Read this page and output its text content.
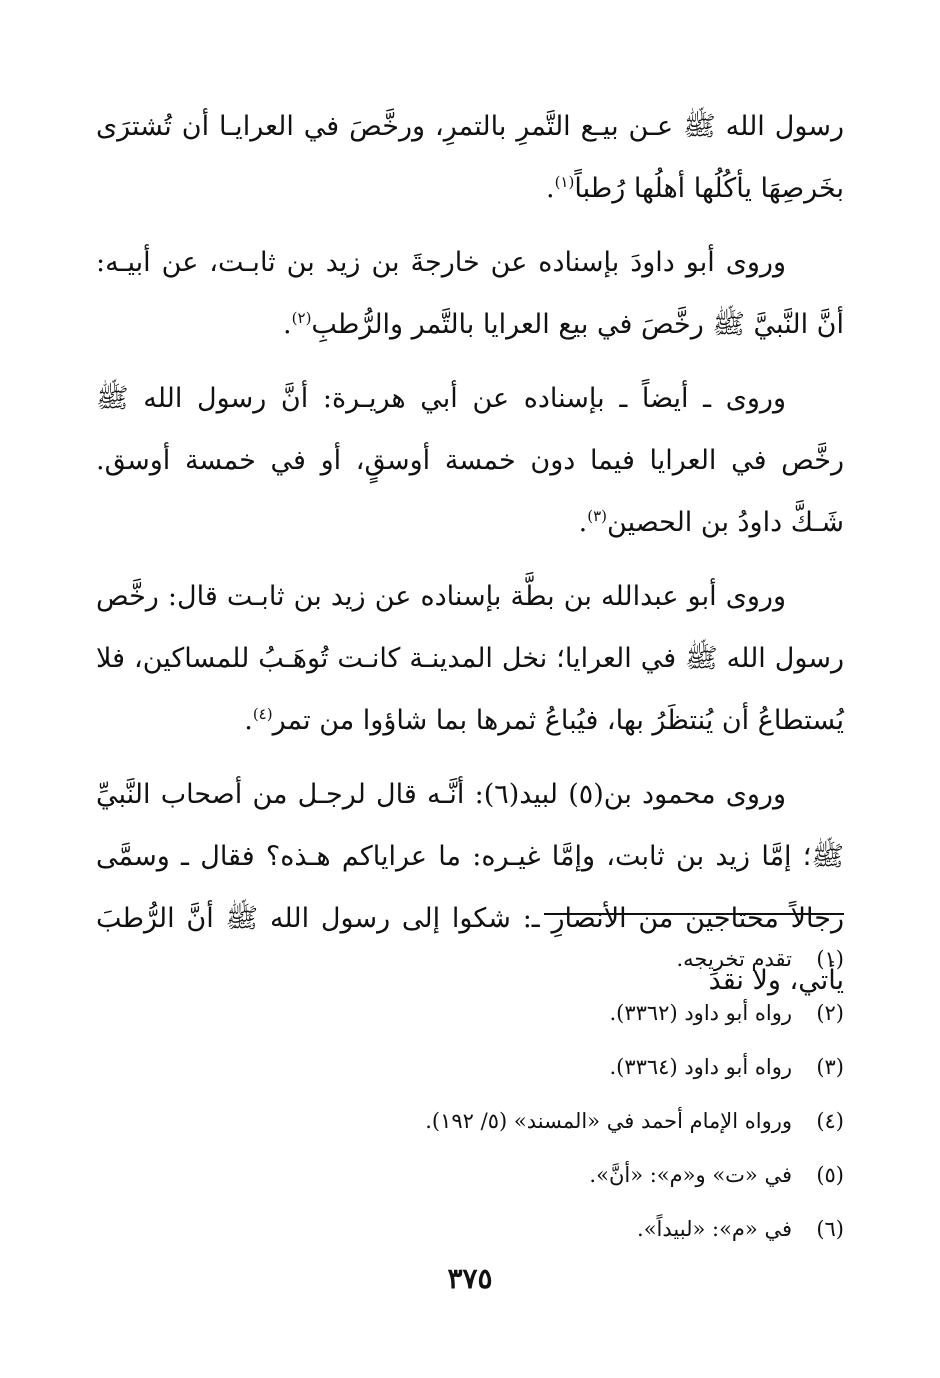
رسول الله ﷺ عـن بيـع التَّمرِ بالتمرِ، ورخَّصَ في العرايـا أن تُشترَى بخَرصِهَا يأكُلُها أهلُها رُطباً$^{(١)}$.

وروى أبو داودَ بإسناده عن خارجةَ بن زيد بن ثابـت، عن أبيـه: أنَّ النَّبيَّ ﷺ رخَّصَ في بيع العرايا بالتَّمر والرُّطبِ$^{(٢)}$.

وروى ـ أيضاً ـ بإسناده عن أبي هريـرة: أنَّ رسول الله ﷺ رخَّص في العرايا فيما دون خمسة أوسقٍ، أو في خمسة أوسق. شَـكَّ داودُ بن الحصين$^{(٣)}$.

وروى أبو عبدالله بن بطَّة بإسناده عن زيد بن ثابـت قال: رخَّص رسول الله ﷺ في العرايا؛ نخل المدينـة كانـت تُوهَـبُ للمساكين، فلا يُستطاعُ أن يُنتظَرُ بها، فيُباعُ ثمرها بما شاؤوا من تمر$^{(٤)}$.

وروى محمود بن(٥) لبيد(٦): أنَّـه قال لرجـل من أصحاب النَّبيِّ ﷺ؛ إمَّا زيد بن ثابت، وإمَّا غيـره: ما عراياكم هـذه؟ فقال ـ وسمَّى رجالاً محتاجين من الأنصارِ ـ: شكوا إلى رسول الله ﷺ أنَّ الرُّطبَ يأتي، ولا نقدَ

(١)
تقدم تخريجه.
(٢)
رواه أبو داود (٣٣٦٢).
(٣)
رواه أبو داود (٣٣٦٤).
(٤)
ورواه الإمام أحمد في «المسند» (٥/ ١٩٢).
(٥)
في «ت» و«م»: «أنَّ».
(٦)
في «م»: «لبيداً».
٣٧٥
